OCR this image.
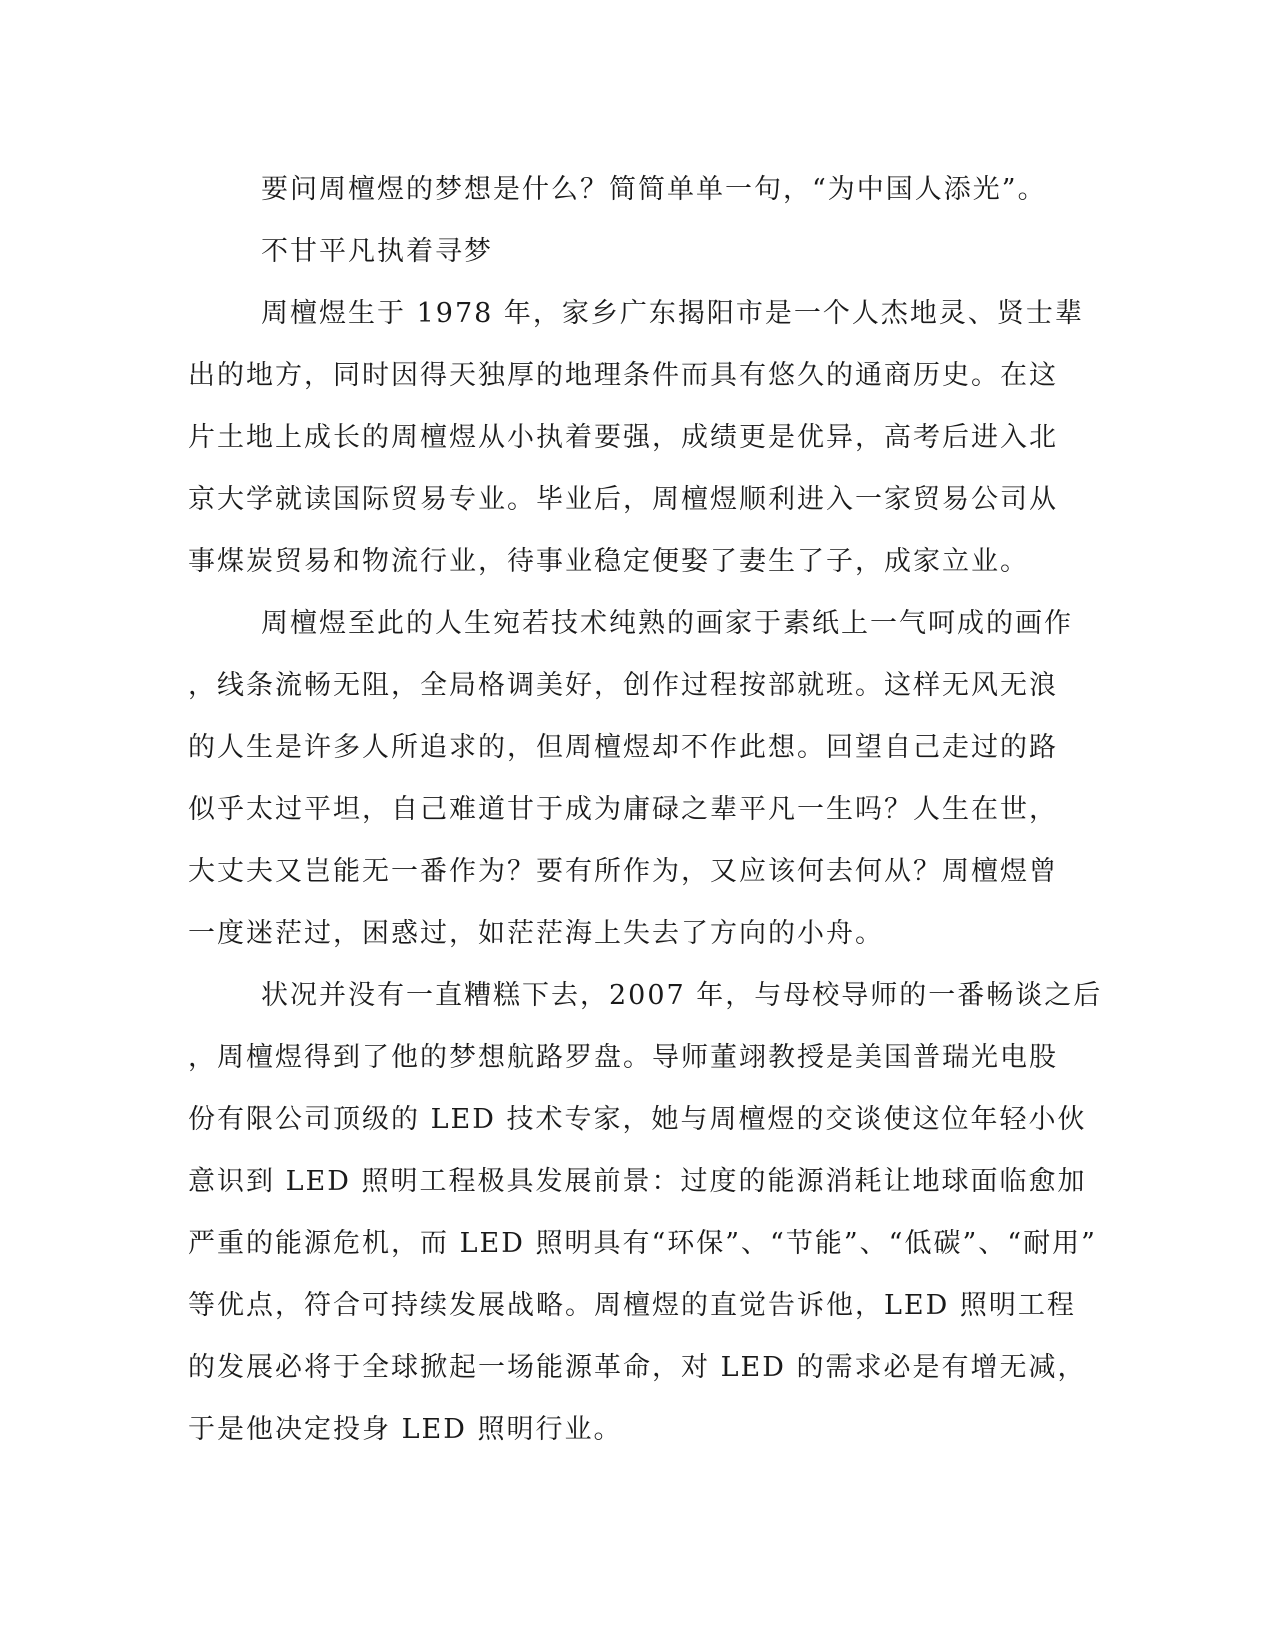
要问周檀煜的梦想是什么？简简单单一句，“为中国人添光”。
不甘平凡执着寻梦
周檀煜生于 1978 年，家乡广东揭阳市是一个人杰地灵、贤士辈
出的地方，同时因得天独厚的地理条件而具有悠久的通商历史。在这
片土地上成长的周檀煜从小执着要强，成绩更是优异，高考后进入北
京大学就读国际贸易专业。毕业后，周檀煜顺利进入一家贸易公司从
事煤炭贸易和物流行业，待事业稳定便娶了妻生了子，成家立业。
周檀煜至此的人生宛若技术纯熟的画家于素纸上一气呵成的画作
，线条流畅无阻，全局格调美好，创作过程按部就班。这样无风无浪
的人生是许多人所追求的，但周檀煜却不作此想。回望自己走过的路
似乎太过平坦，自己难道甘于成为庸碌之辈平凡一生吗？人生在世，
大丈夫又岂能无一番作为？要有所作为，又应该何去何从？周檀煜曾
一度迷茫过，困惑过，如茫茫海上失去了方向的小舟。
状况并没有一直糟糕下去，2007 年，与母校导师的一番畅谈之后
，周檀煜得到了他的梦想航路罗盘。导师董翊教授是美国普瑞光电股
份有限公司顶级的 LED 技术专家，她与周檀煜的交谈使这位年轻小伙
意识到 LED 照明工程极具发展前景：过度的能源消耗让地球面临愈加
严重的能源危机，而 LED 照明具有“环保”、“节能”、“低碳”、“耐用”
等优点，符合可持续发展战略。周檀煜的直觉告诉他，LED 照明工程
的发展必将于全球掀起一场能源革命，对 LED 的需求必是有增无减，
于是他决定投身 LED 照明行业。
